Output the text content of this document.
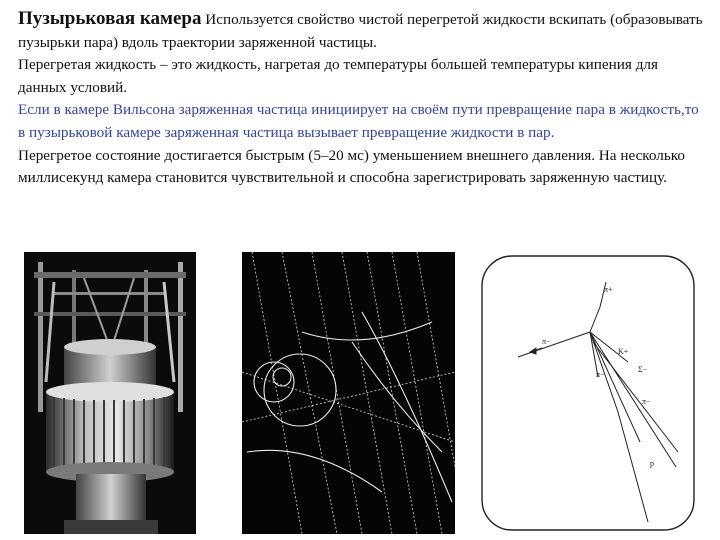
Пузырьковая камера Используется свойство чистой перегретой жидкости вскипать (образовывать пузырьки пара) вдоль траектории заряженной частицы.

Перегретая жидкость – это жидкость, нагретая до температуры большей температуры кипения для данных условий.

Если в камере Вильсона заряженная частица инициирует на своём пути превращение пара в жидкость,то в пузырьковой камере заряженная частица вызывает превращение жидкости в пар.

Перегретое состояние достигается быстрым (5–20 мс) уменьшением внешнего давления. На несколько миллисекунд камера становится чувствительной и способна зарегистрировать заряженную частицу.

π+
π−
K+
π−
Σ−
π−
p
